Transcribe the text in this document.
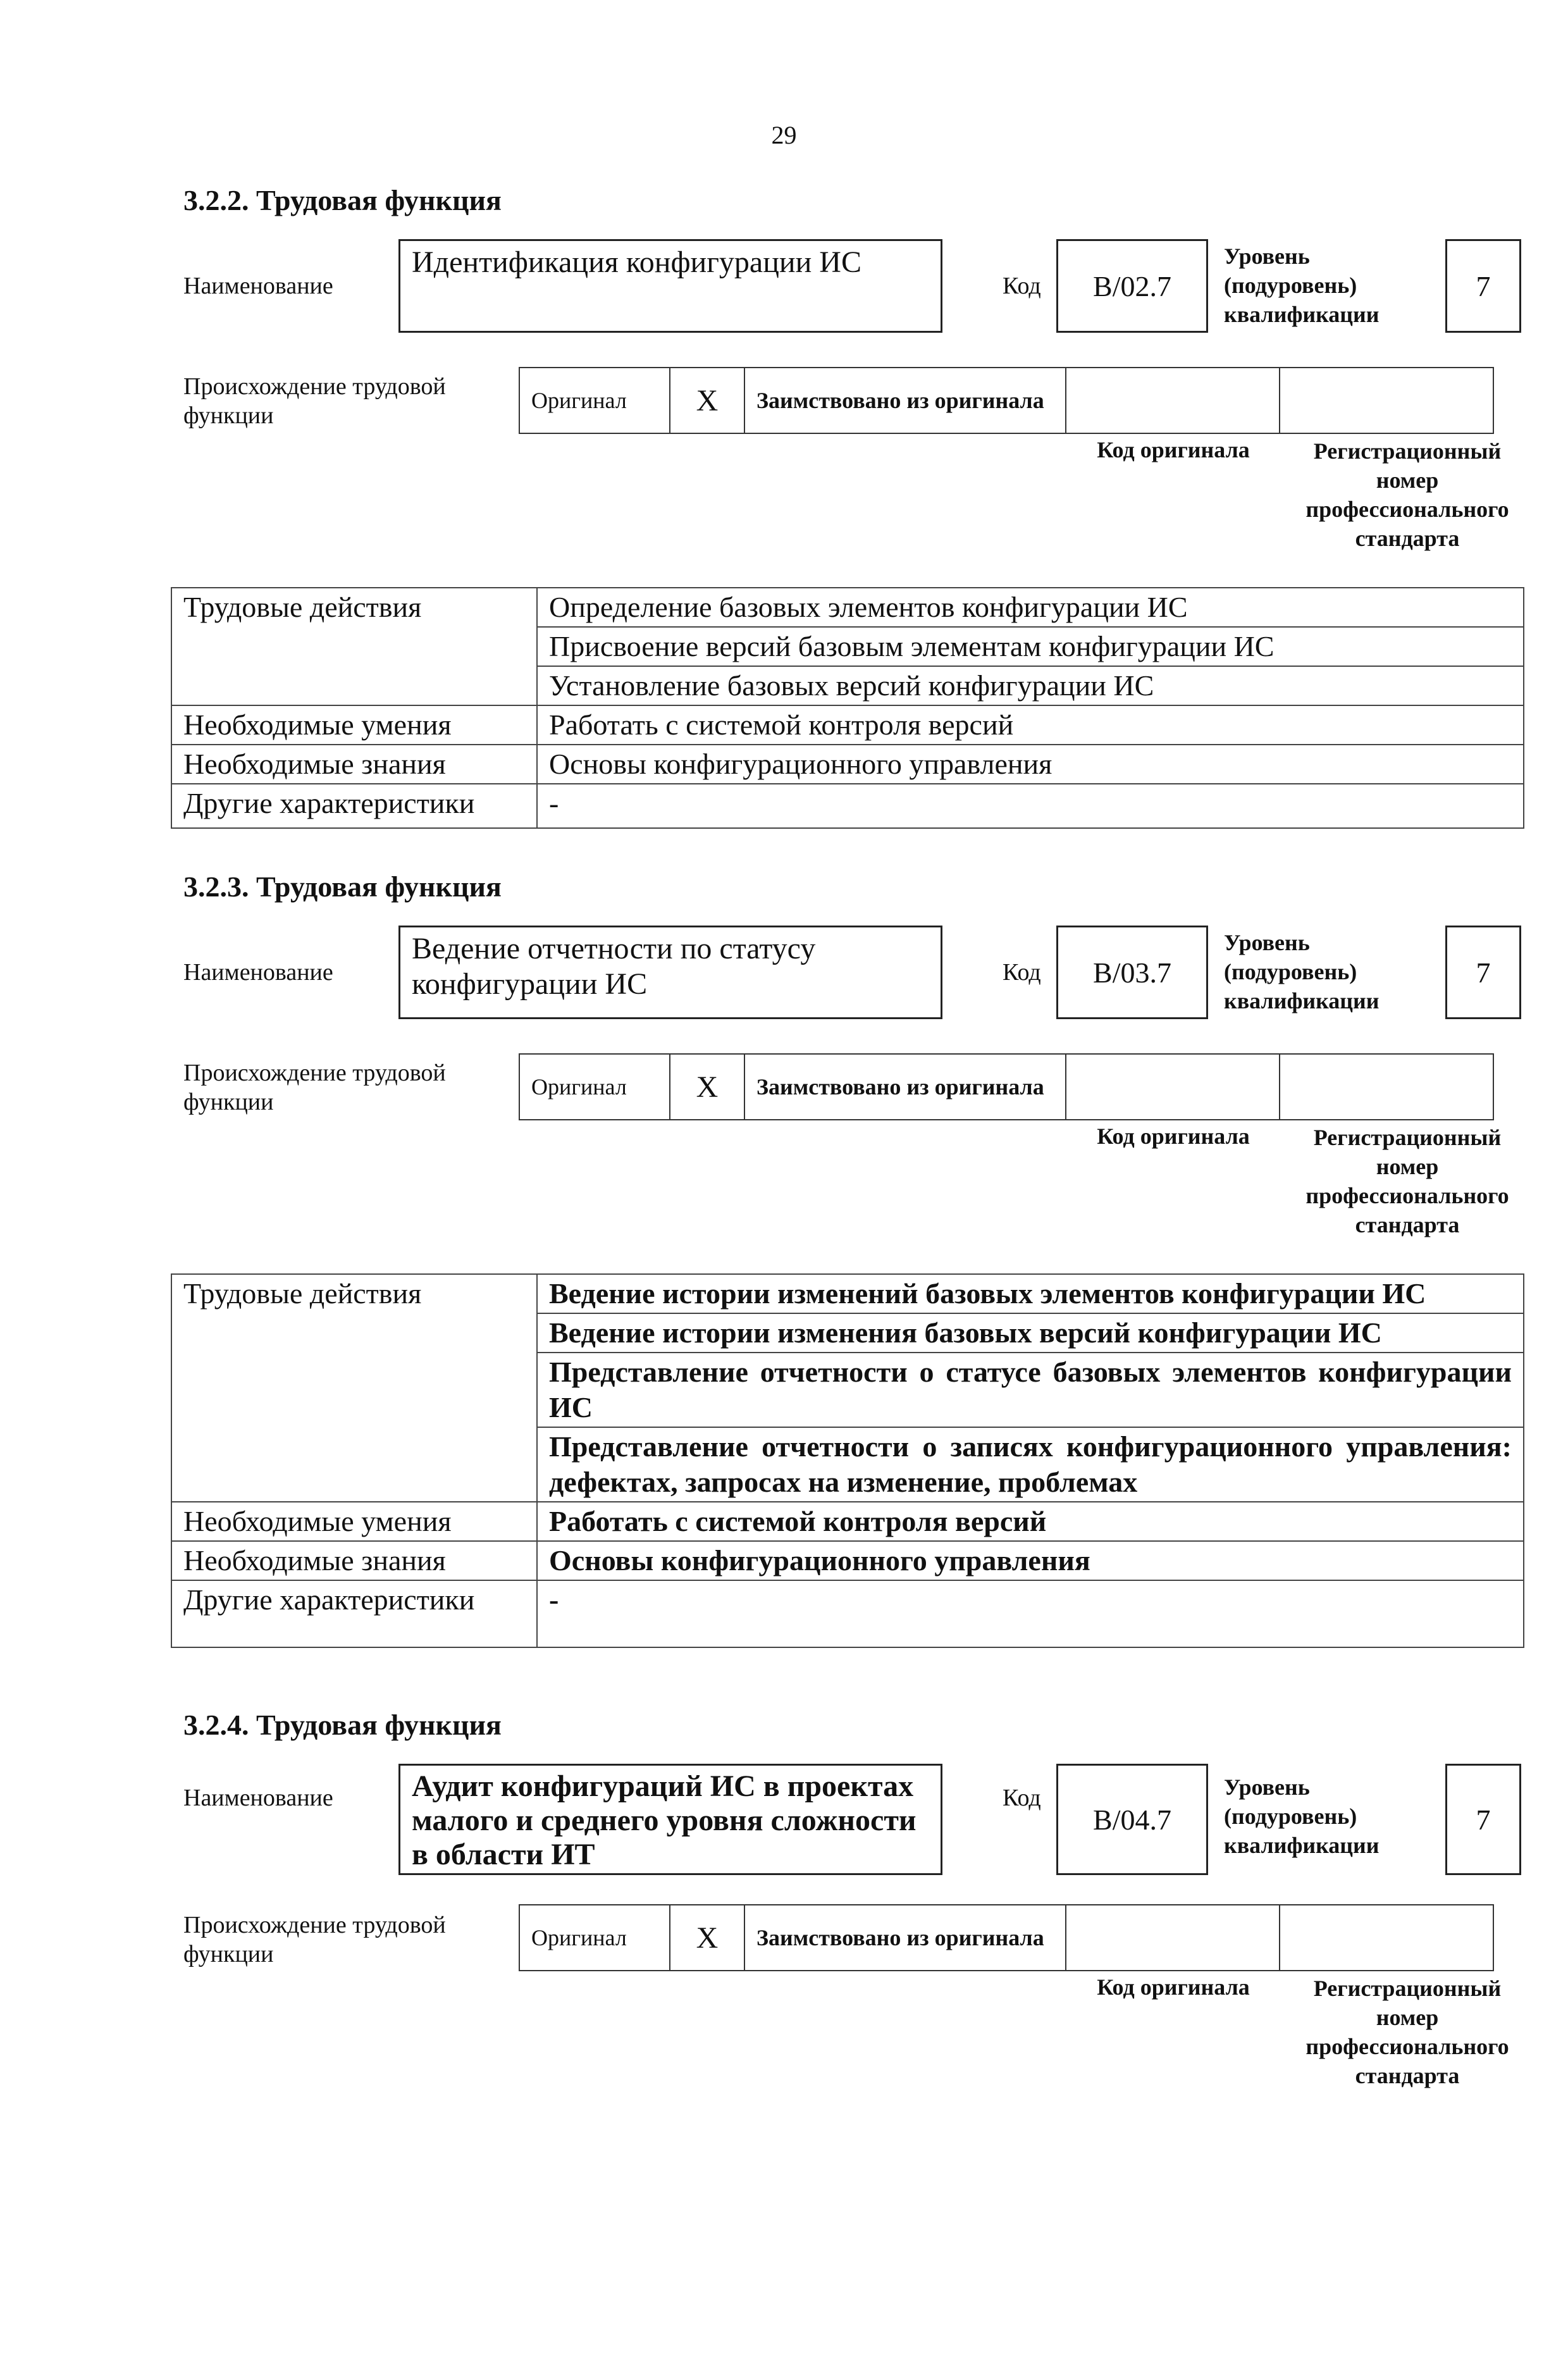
29
3.2.2. Трудовая функция
Наименование
Идентификация конфигурации ИС
Код	B/02.7
Уровень (подуровень) квалификации
7
Происхождение трудовой функции
Оригинал	X	Заимствовано из оригинала		
Код оригинала	Регистрационный номер профессионального стандарта
Трудовые действия	Определение базовых элементов конфигурации ИС
	Присвоение версий базовым элементам конфигурации ИС
	Установление базовых версий конфигурации ИС
Необходимые умения	Работать с системой контроля версий
Необходимые знания	Основы конфигурационного управления
Другие характеристики	-
3.2.3. Трудовая функция
Наименование
Ведение отчетности по статусу конфигурации ИС	Код	B/03.7
Уровень (подуровень) квалификации
7
Происхождение трудовой функции
Оригинал	X	Заимствовано из оригинала		
Код оригинала	Регистрационный номер профессионального стандарта
Трудовые действия	Ведение истории изменений базовых элементов конфигурации ИС
	Ведение истории изменения базовых версий конфигурации ИС
	Представление отчетности о статусе базовых элементов конфигурации ИС
	Представление отчетности о записях конфигурационного управления: дефектах, запросах на изменение, проблемах
Необходимые умения	Работать с системой контроля версий
Необходимые знания	Основы конфигурационного управления
Другие характеристики	-
3.2.4. Трудовая функция
Наименование	Аудит конфигураций ИС в проектах малого и среднего уровня сложности в области ИТ
Код
B/04.7
Уровень (подуровень) квалификации
7
Происхождение трудовой функции
Оригинал	X	Заимствовано из оригинала		
Код оригинала	Регистрационный номер профессионального стандарта
